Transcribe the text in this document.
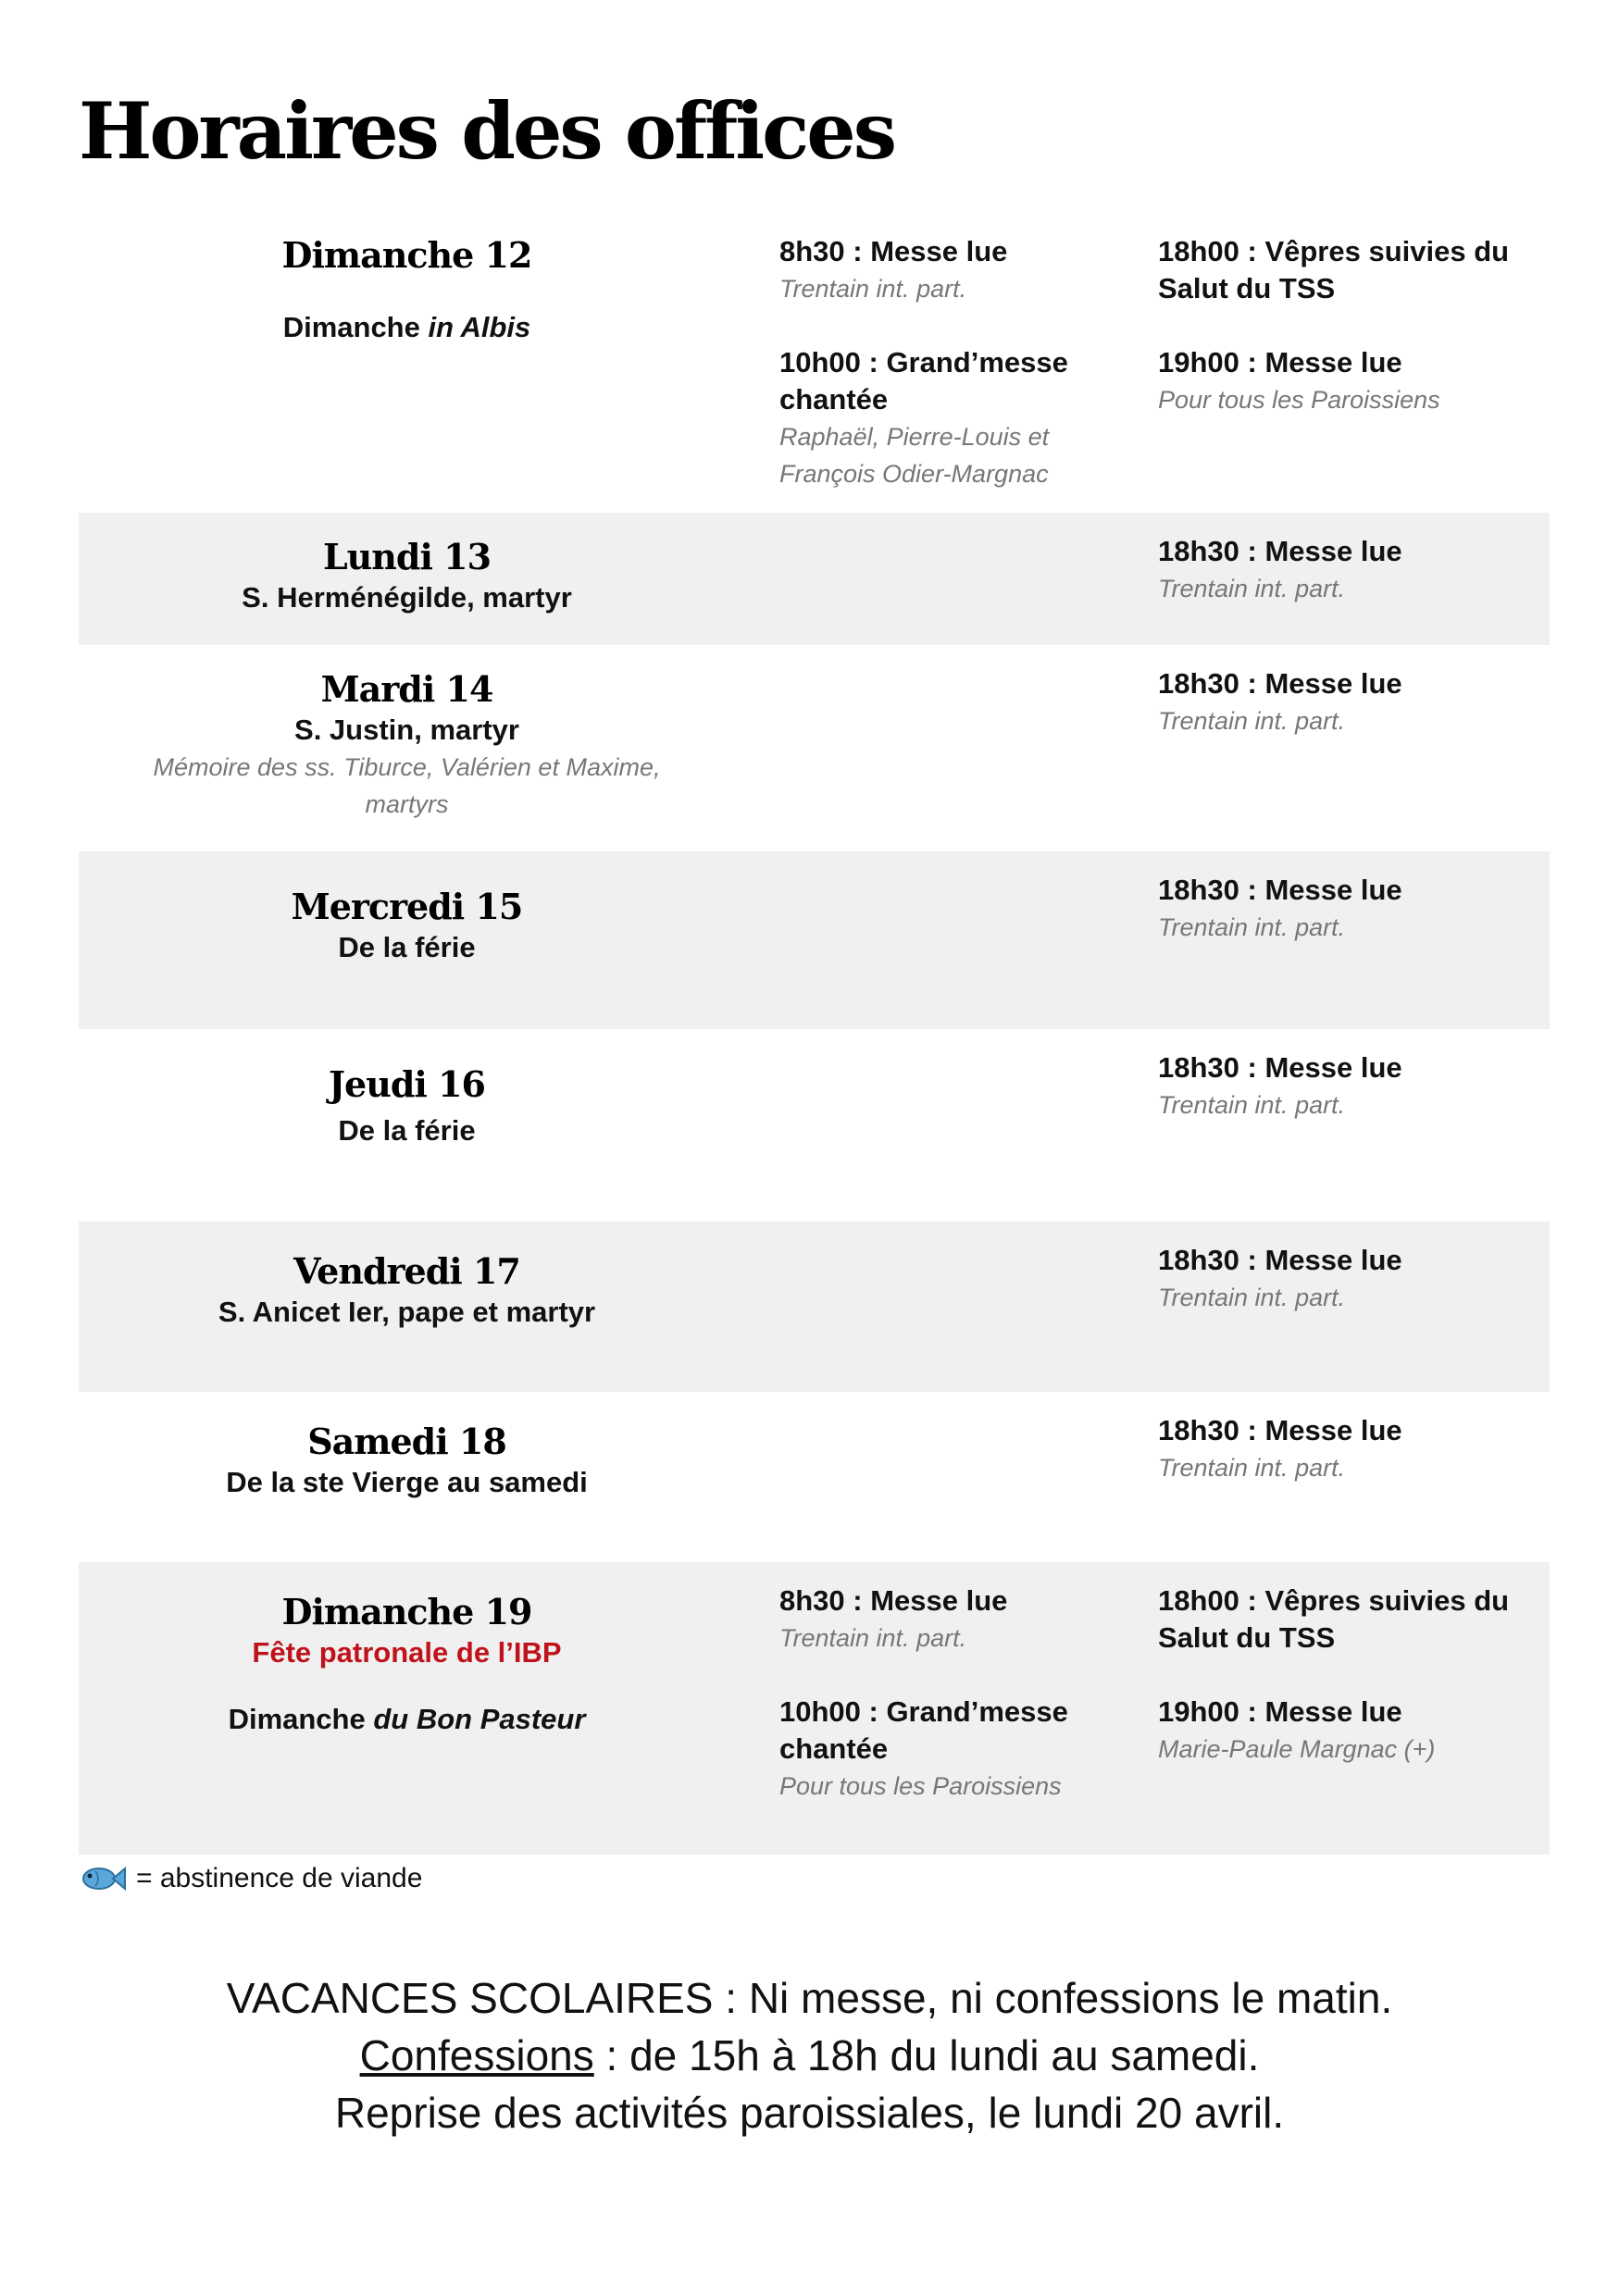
Horaires des offices
Dimanche 12
Dimanche in Albis
8h30 : Messe lue
Trentain int. part.
10h00 : Grand’messe chantée
Raphaël, Pierre-Louis et François Odier-Margnac
18h00 : Vêpres suivies du Salut du TSS
19h00 : Messe lue
Pour tous les Paroissiens
Lundi 13
S. Herménégilde, martyr
18h30 : Messe lue
Trentain int. part.
Mardi 14
S. Justin, martyr
Mémoire des ss. Tiburce, Valérien et Maxime, martyrs
18h30 : Messe lue
Trentain int. part.
Mercredi 15
De la férie
18h30 : Messe lue
Trentain int. part.
Jeudi 16
De la férie
18h30 : Messe lue
Trentain int. part.
Vendredi 17
S. Anicet Ier, pape et martyr
18h30 : Messe lue
Trentain int. part.
Samedi 18
De la ste Vierge au samedi
18h30 : Messe lue
Trentain int. part.
Dimanche 19
Fête patronale de l’IBP
Dimanche du Bon Pasteur
8h30 : Messe lue
Trentain int. part.
10h00 : Grand’messe chantée
Pour tous les Paroissiens
18h00 : Vêpres suivies du Salut du TSS
19h00 : Messe lue
Marie-Paule Margnac (+)
= abstinence de viande
VACANCES SCOLAIRES : Ni messe, ni confessions le matin.
Confessions : de 15h à 18h du lundi au samedi.
Reprise des activités paroissiales, le lundi 20 avril.
